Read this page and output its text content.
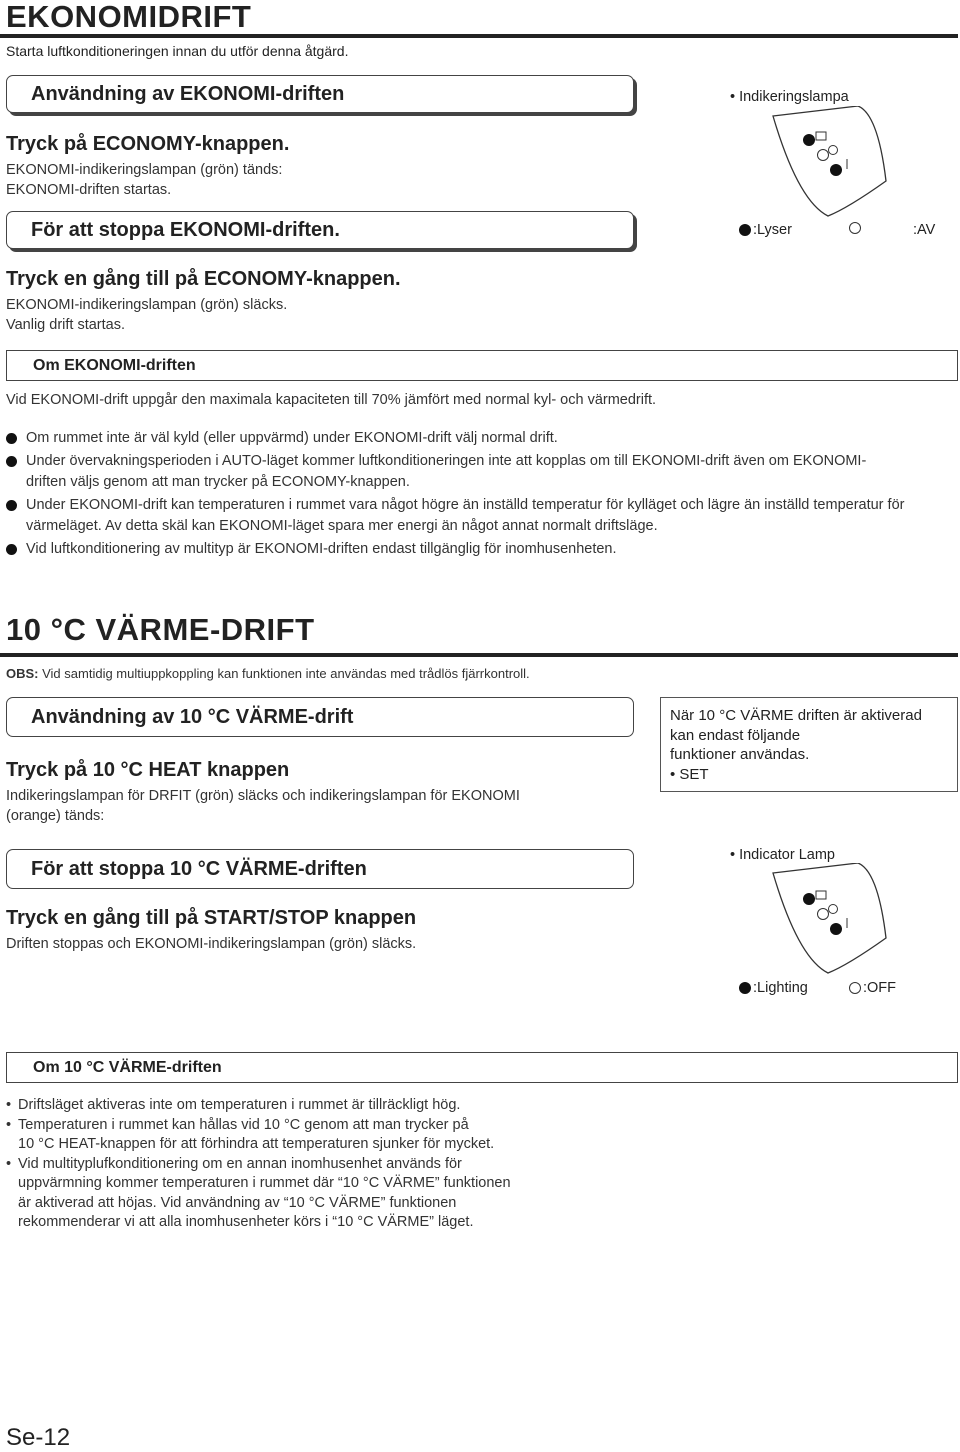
EKONOMIDRIFT
Starta luftkonditioneringen innan du utför denna åtgärd.
Användning av EKONOMI-driften
Tryck på ECONOMY-knappen.
EKONOMI-indikeringslampan (grön) tänds:
EKONOMI-driften startas.
För att stoppa EKONOMI-driften.
Tryck en gång till på ECONOMY-knappen.
EKONOMI-indikeringslampan (grön) släcks.
Vanlig drift startas.
• Indikeringslampa
:Lyser	:AV
Om EKONOMI-driften
Vid EKONOMI-drift uppgår den maximala kapaciteten till 70% jämfört med normal kyl- och värmedrift.
Om rummet inte är väl kyld (eller uppvärmd) under EKONOMI-drift välj normal drift.
Under övervakningsperioden i AUTO-läget kommer luftkonditioneringen inte att kopplas om till EKONOMI-drift även om EKONOMI-driften väljs genom att man trycker på ECONOMY-knappen.
Under EKONOMI-drift kan temperaturen i rummet vara något högre än inställd temperatur för kylläget och lägre än inställd temperatur för värmeläget. Av detta skäl kan EKONOMI-läget spara mer energi än något annat normalt driftsläge.
Vid luftkonditionering av multityp är EKONOMI-driften endast tillgänglig för inomhusenheten.
10 °C VÄRME-DRIFT
OBS: Vid samtidig multiuppkoppling kan funktionen inte användas med trådlös fjärrkontroll.
Användning av 10 °C VÄRME-drift
Tryck på 10 °C HEAT knappen
Indikeringslampan för DRFIT (grön) släcks och indikeringslampan för EKONOMI
(orange) tänds:
När 10 °C VÄRME driften är aktiverad
kan endast följande
funktioner användas.
• SET
För att stoppa 10 °C VÄRME-driften
Tryck en gång till på START/STOP knappen
Driften stoppas och EKONOMI-indikeringslampan (grön) släcks.
• Indicator Lamp
:Lighting	:OFF
Om 10 °C VÄRME-driften
• Driftsläget aktiveras inte om temperaturen i rummet är tillräckligt hög.
• Temperaturen i rummet kan hållas vid 10 °C genom att man trycker på
10 °C HEAT-knappen för att förhindra att temperaturen sjunker för mycket.
• Vid multityplufkonditionering om en annan inomhusenhet används för
uppvärmning kommer temperaturen i rummet där “10 °C VÄRME” funktionen
är aktiverad att höjas. Vid användning av “10 °C VÄRME” funktionen
rekommenderar vi att alla inomhusenheter körs i “10 °C VÄRME” läget.
Se-12
